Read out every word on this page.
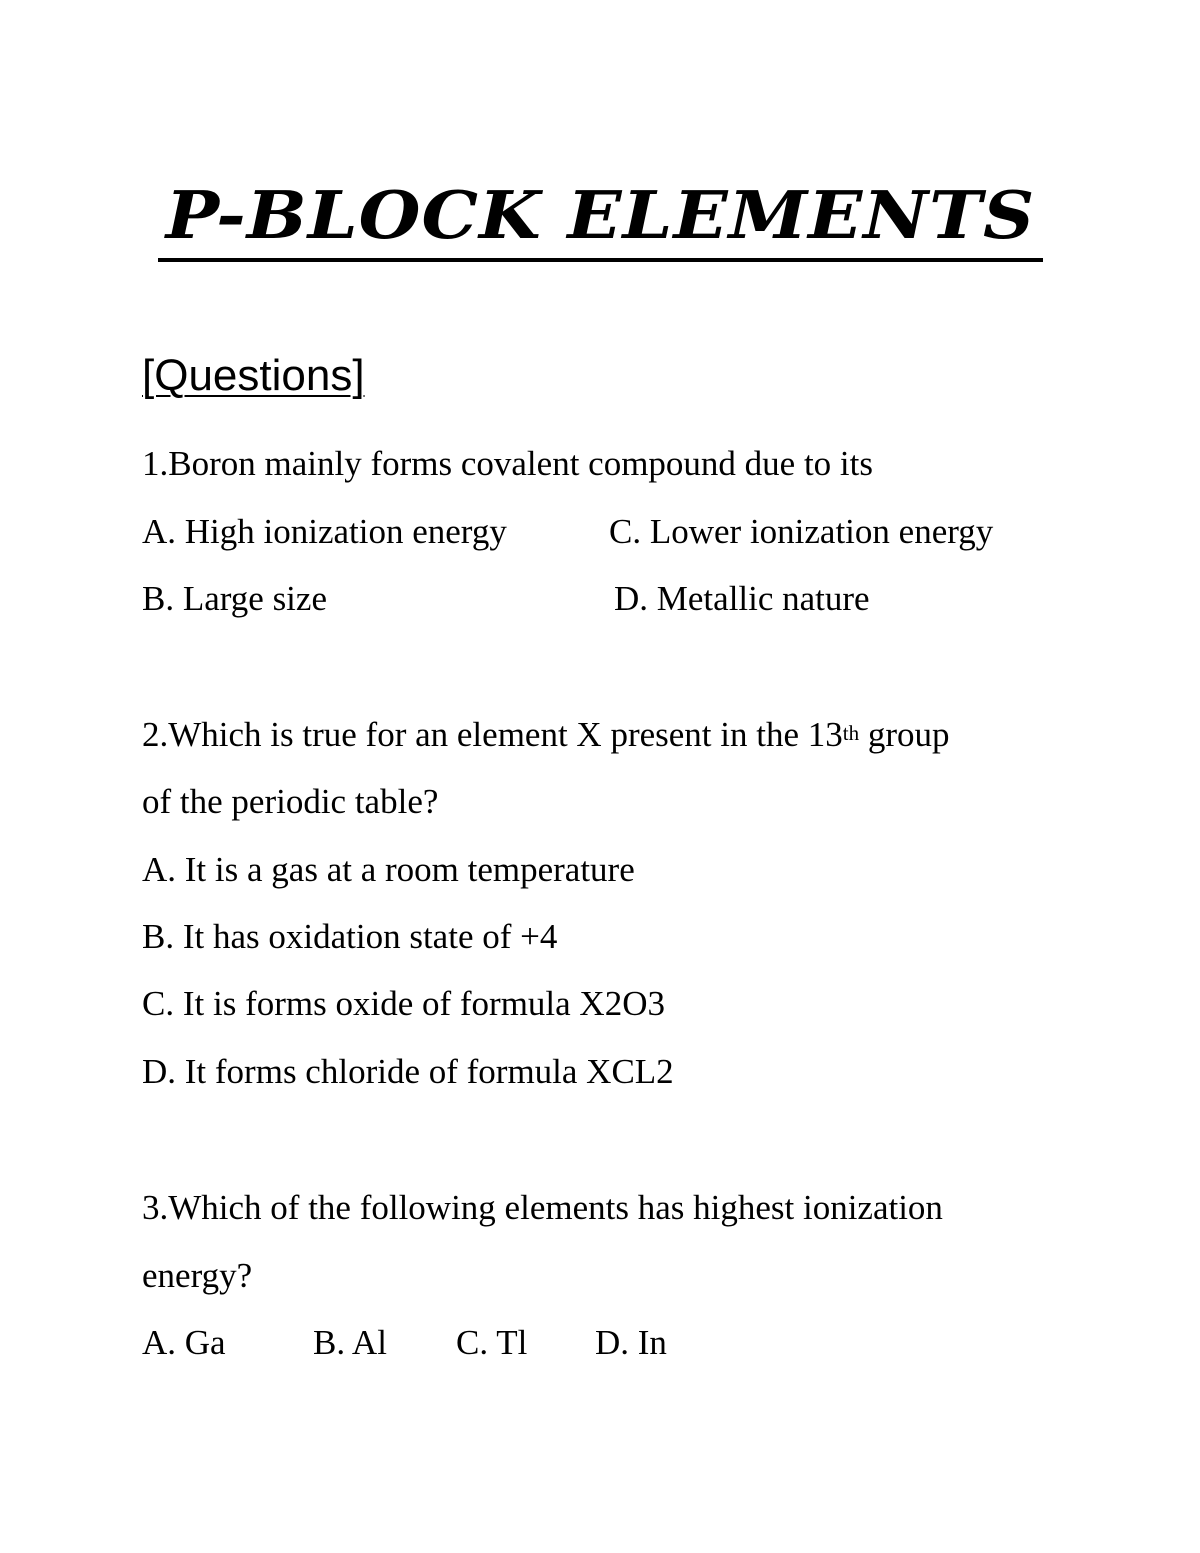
P-BLOCK ELEMENTS
[Questions]
1.Boron mainly forms covalent compound due to its
A. High ionization energy	C. Lower ionization energy
B. Large size	D. Metallic nature
2.Which is true for an element X present in the 13th group
of the periodic table?
A. It is a gas at a room temperature
B. It has oxidation state of +4
C. It is forms oxide of formula X2O3
D. It forms chloride of formula XCL2
3.Which of the following elements has highest ionization
energy?
A. Ga B. Al C. Tl D. In
